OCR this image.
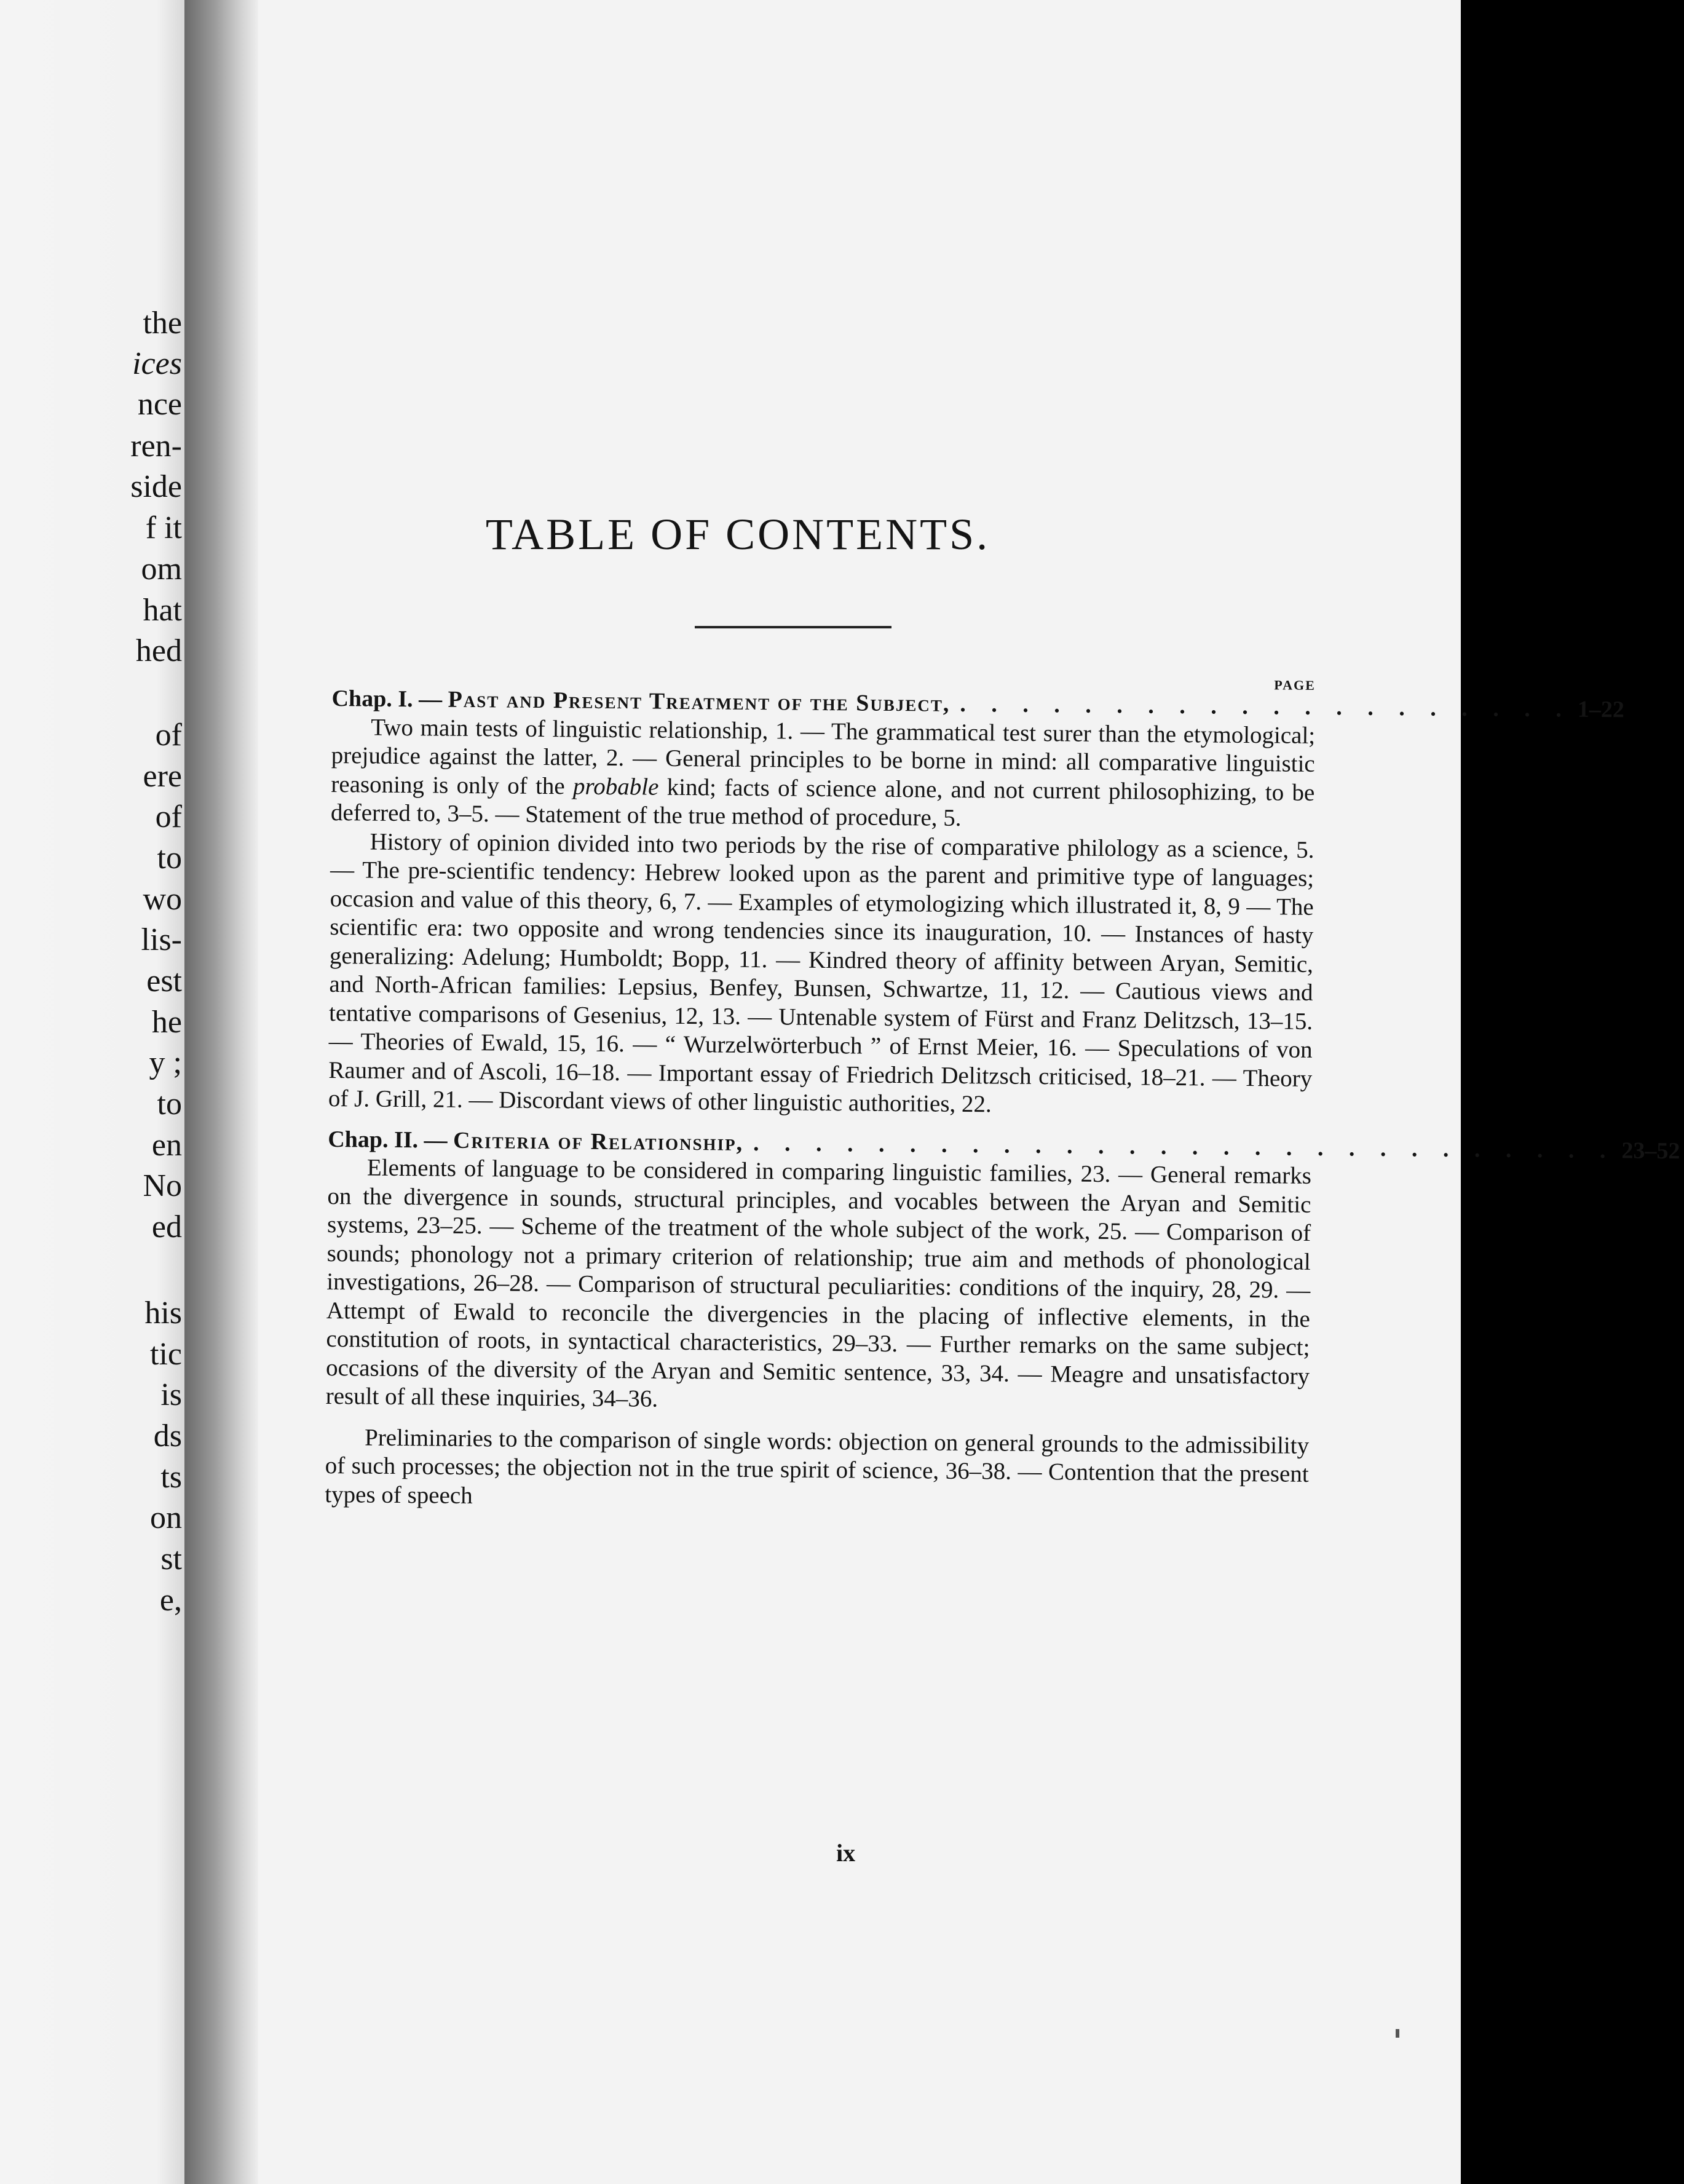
the
ices
nce
ren-
side
f it
om
hat
hed
of
ere
of
to
wo
lis-
est
he
y ;
to
en
No
ed
his
tic
is
ds
ts
on
st
e,
TABLE OF CONTENTS.
PAGE
Chap. I. —
Past and Present Treatment of the Subject, . . . . . . . . . . . . . . . . . . . . 1–22

Two main tests of linguistic relationship, 1. — The grammatical test surer than the etymological; prejudice against the latter, 2. — General principles to be borne in mind: all comparative linguistic reasoning is only of the probable kind; facts of science alone, and not current philosophizing, to be deferred to, 3–5. — Statement of the true method of procedure, 5.

History of opinion divided into two periods by the rise of comparative philology as a science, 5. — The pre-scientific tendency: Hebrew looked upon as the parent and primitive type of languages; occasion and value of this theory, 6, 7. — Examples of etymologizing which illustrated it, 8, 9 — The scientific era: two opposite and wrong tendencies since its inauguration, 10. — Instances of hasty generalizing: Adelung; Humboldt; Bopp, 11. — Kindred theory of affinity between Aryan, Semitic, and North-African families: Lepsius, Benfey, Bunsen, Schwartze, 11, 12. — Cautious views and tentative comparisons of Gesenius, 12, 13. — Untenable system of Fürst and Franz Delitzsch, 13–15. — Theories of Ewald, 15, 16. — “ Wurzelwörterbuch ” of Ernst Meier, 16. — Speculations of von Raumer and of Ascoli, 16–18. — Important essay of Friedrich Delitzsch criticised, 18–21. — Theory of J. Grill, 21. — Discordant views of other linguistic authorities, 22.

Chap. II. —
Criteria of Relationship, . . . . . . . . . . . . . . . . . . . . . . . . . . . . 23–52

Elements of language to be considered in comparing linguistic families, 23. — General remarks on the divergence in sounds, structural principles, and vocables between the Aryan and Semitic systems, 23–25. — Scheme of the treatment of the whole subject of the work, 25. — Comparison of sounds; phonology not a primary criterion of relationship; true aim and methods of phonological investigations, 26–28. — Comparison of structural peculiarities: conditions of the inquiry, 28, 29. — Attempt of Ewald to reconcile the divergencies in the placing of inflective elements, in the constitution of roots, in syntactical characteristics, 29–33. — Further remarks on the same subject; occasions of the diversity of the Aryan and Semitic sentence, 33, 34. — Meagre and unsatisfactory result of all these inquiries, 34–36.

Preliminaries to the comparison of single words: objection on general grounds to the admissibility of such processes; the objection not in the true spirit of science, 36–38. — Contention that the present types of speech

ix
